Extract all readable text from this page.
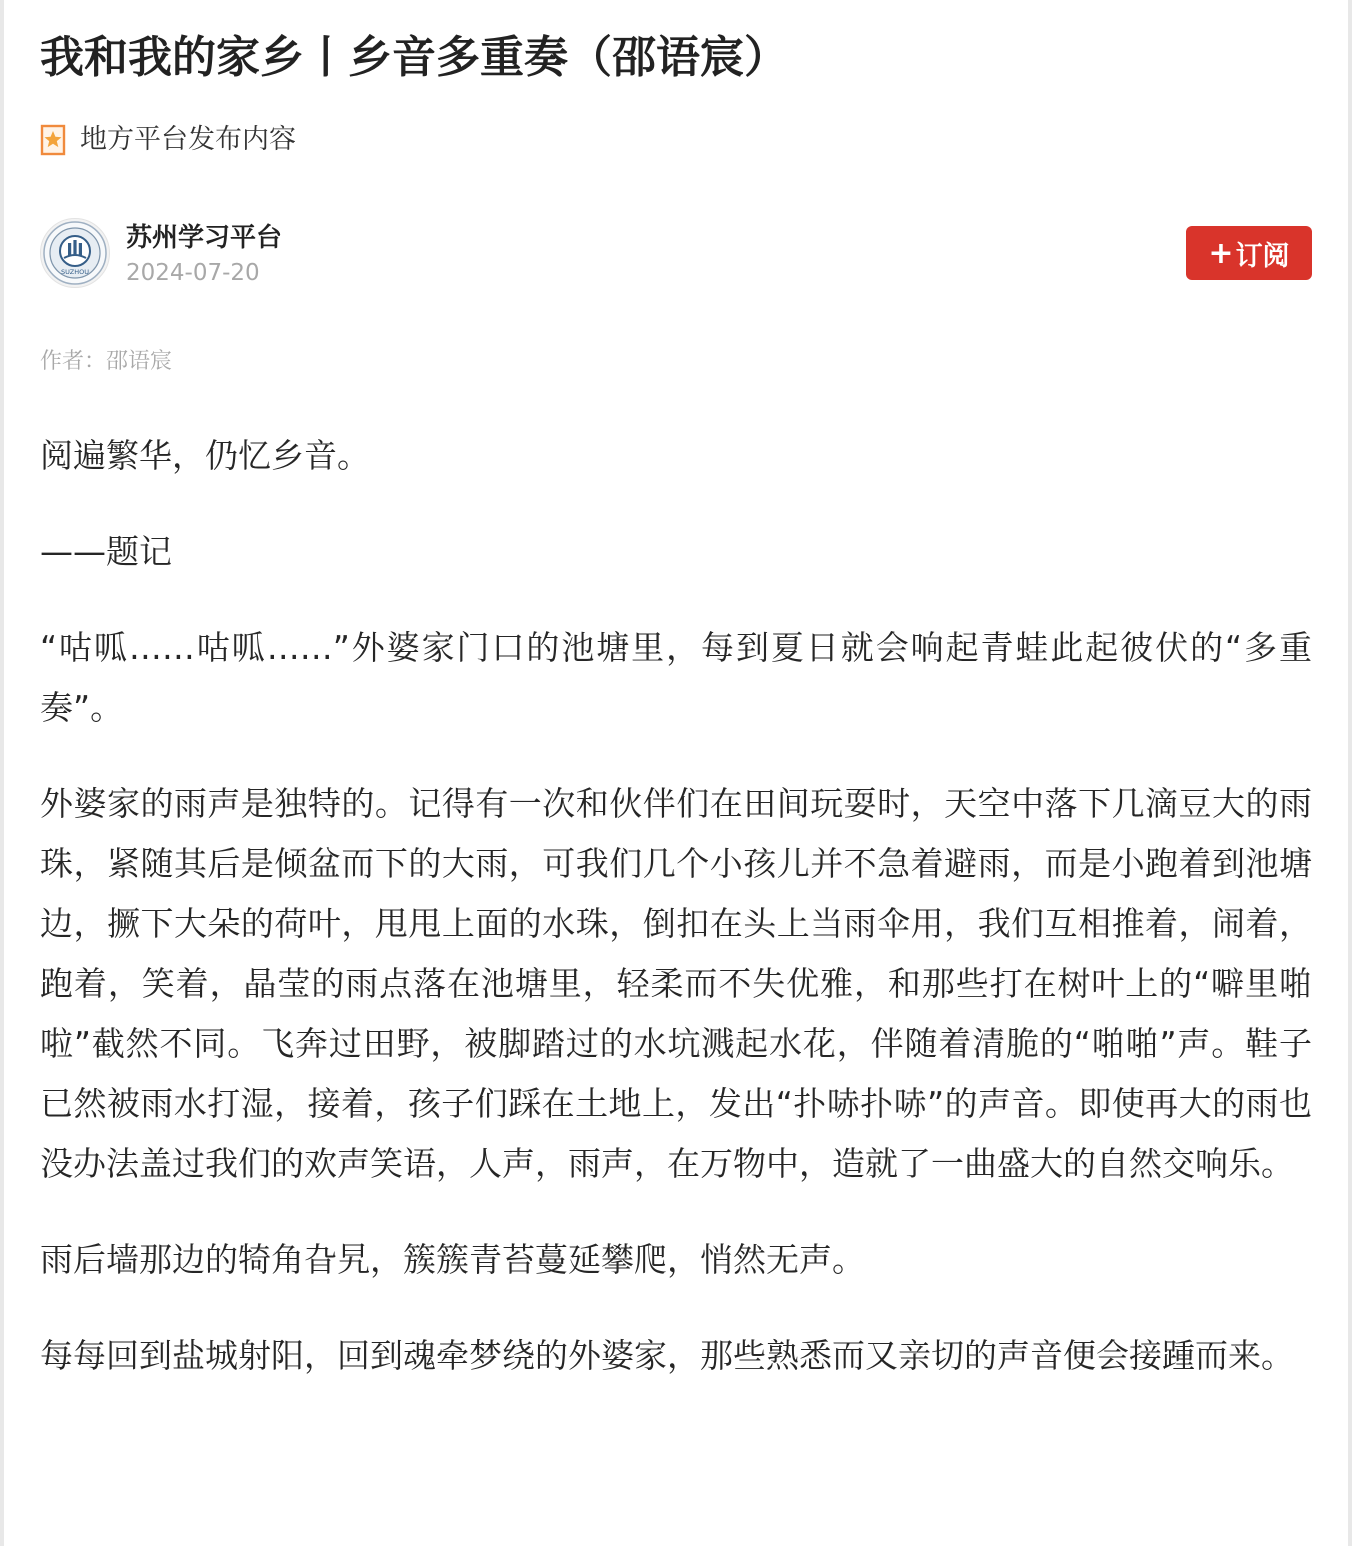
我和我的家乡丨乡音多重奏（邵语宸）
地方平台发布内容
SUZHOU
苏州学习平台
2024-07-20
+ 订阅
作者：邵语宸

阅遍繁华，仍忆乡音。

——题记

“咕呱……咕呱……”外婆家门口的池塘里，每到夏日就会响起青蛙此起彼伏的“多重奏”。

外婆家的雨声是独特的。记得有一次和伙伴们在田间玩耍时，天空中落下几滴豆大的雨珠，紧随其后是倾盆而下的大雨，可我们几个小孩儿并不急着避雨，而是小跑着到池塘边，撅下大朵的荷叶，甩甩上面的水珠，倒扣在头上当雨伞用，我们互相推着，闹着，跑着，笑着，晶莹的雨点落在池塘里，轻柔而不失优雅，和那些打在树叶上的“噼里啪啦”截然不同。飞奔过田野，被脚踏过的水坑溅起水花，伴随着清脆的“啪啪”声。鞋子已然被雨水打湿，接着，孩子们踩在土地上，发出“扑哧扑哧”的声音。即使再大的雨也没办法盖过我们的欢声笑语，人声，雨声，在万物中，造就了一曲盛大的自然交响乐。

雨后墙那边的犄角旮旯，簇簇青苔蔓延攀爬，悄然无声。

每每回到盐城射阳，回到魂牵梦绕的外婆家，那些熟悉而又亲切的声音便会接踵而来。
